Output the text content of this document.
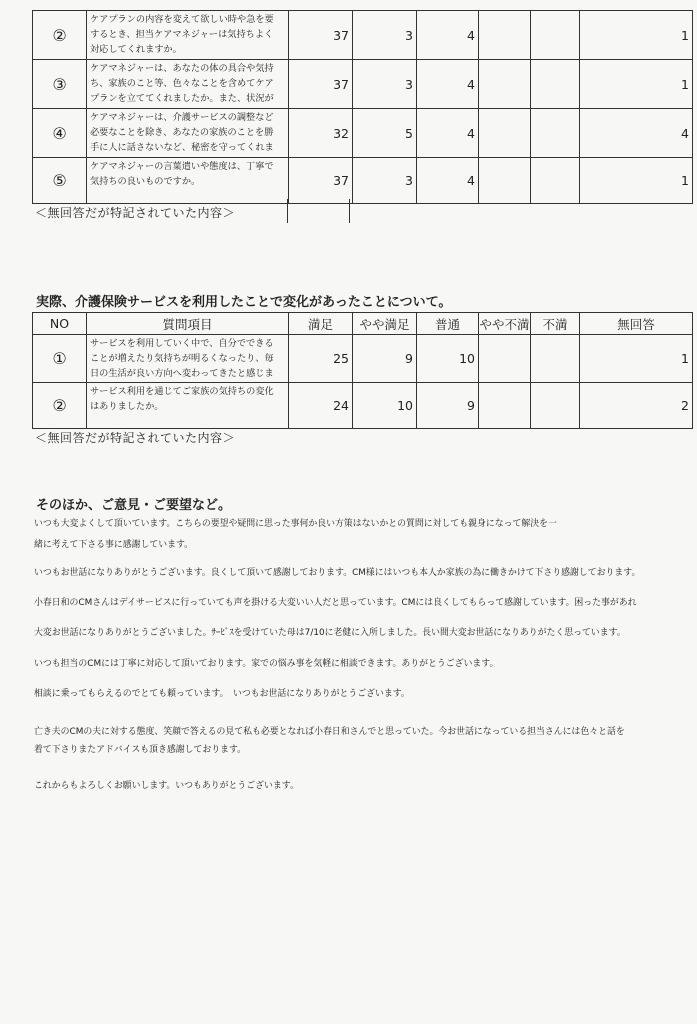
②	ケアプランの内容を変えて欲しい時や急を要
するとき、担当ケアマネジャーは気持ちよく
対応してくれますか。	37	3	4			1
③	ケアマネジャーは、あなたの体の具合や気持
ち、家族のこと等、色々なことを含めてケア
プランを立ててくれましたか。また、状況が	37	3	4			1
④	ケアマネジャーは、介護サービスの調整など
必要なことを除き、あなたの家族のことを勝
手に人に話さないなど、秘密を守ってくれま	32	5	4			4
⑤	ケアマネジャーの言葉遣いや態度は、丁寧で
気持ちの良いものですか。	37	3	4			1
＜無回答だが特記されていた内容＞
実際、介護保険サービスを利用したことで変化があったことについて。
NO	質問項目	満足	やや満足	普通	やや不満	不満	無回答
①	サービスを利用していく中で、自分でできる
ことが増えたり気持ちが明るくなったり、毎
日の生活が良い方向へ変わってきたと感じま	25	9	10			1
②	サービス利用を通じてご家族の気持ちの変化
はありましたか。	24	10	9			2
＜無回答だが特記されていた内容＞
そのほか、ご意見・ご要望など。
いつも大変よくして頂いています。こちらの要望や疑問に思った事何か良い方策はないかとの質問に対しても親身になって解決を一
緒に考えて下さる事に感謝しています。
いつもお世話になりありがとうございます。良くして頂いて感謝しております。CM様にはいつも本人か家族の為に働きかけて下さり感謝しております。
小春日和のCMさんはデイサービスに行っていても声を掛ける大変いい人だと思っています。CMには良くしてもらって感謝しています。困った事があれ
大変お世話になりありがとうございました。ｻｰﾋﾞｽを受けていた母は7/10に老健に入所しました。長い間大変お世話になりありがたく思っています。
いつも担当のCMには丁寧に対応して頂いております。家での悩み事を気軽に相談できます。ありがとうございます。
相談に乗ってもらえるのでとても頼っています。　いつもお世話になりありがとうございます。
亡き夫のCMの夫に対する態度、笑顔で答えるの見て私も必要となれば小春日和さんでと思っていた。今お世話になっている担当さんには色々と話を
着て下さりまたアドバイスも頂き感謝しております。
これからもよろしくお願いします。いつもありがとうございます。
